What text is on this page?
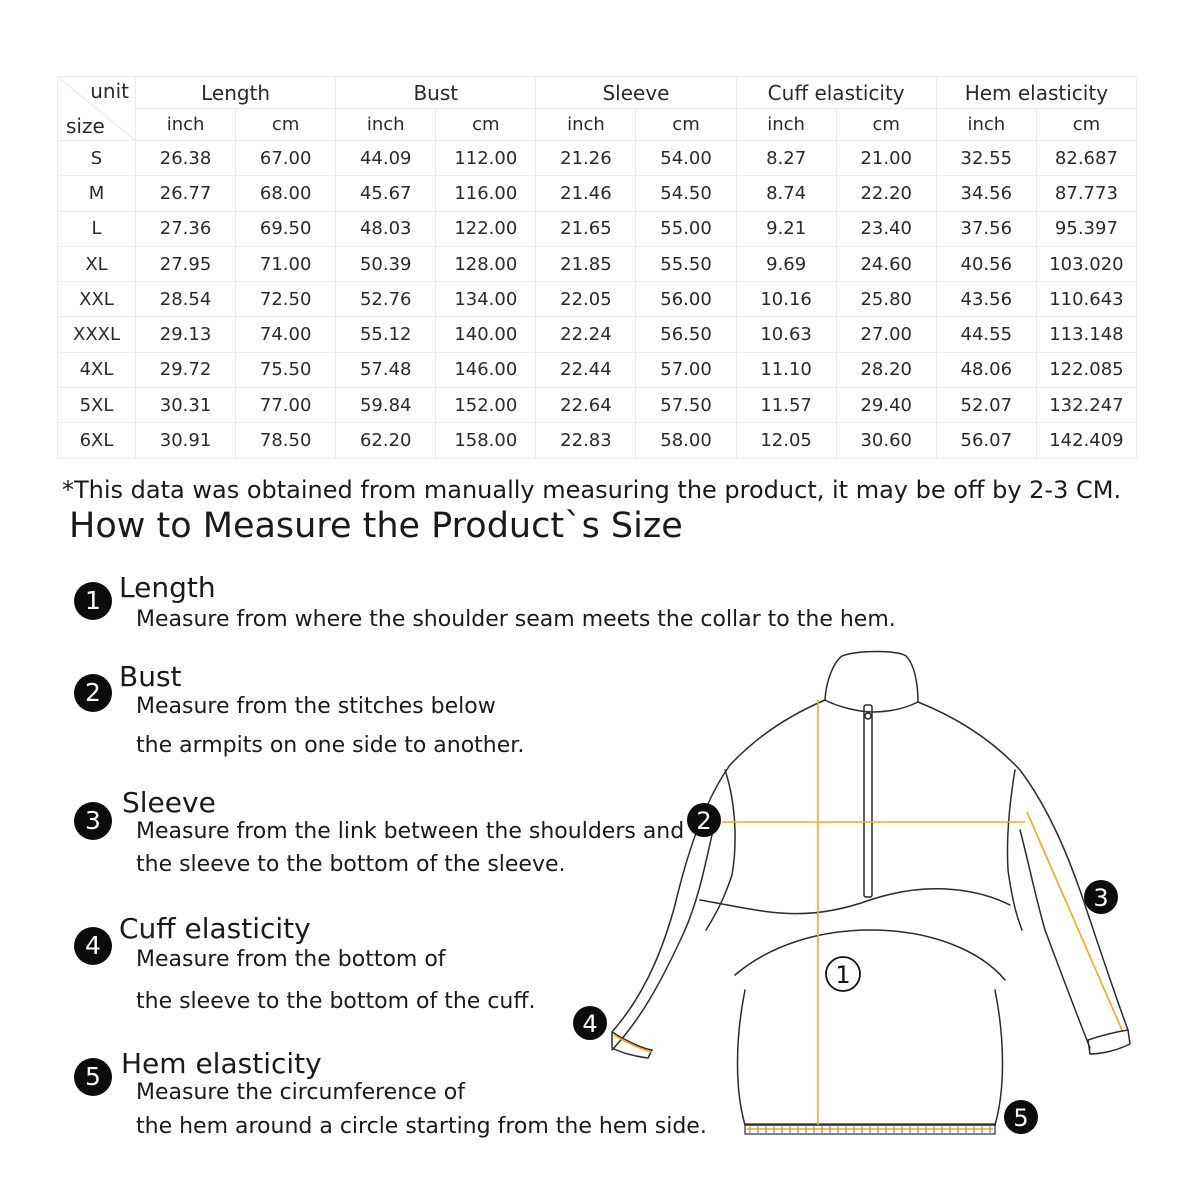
unit
size	Length		Bust		Sleeve		Cuff elasticity		Hem elasticity	
	inch	cm	inch	cm	inch	cm	inch	cm	inch	cm
S	26.38	67.00	44.09	112.00	21.26	54.00	8.27	21.00	32.55	82.687
M	26.77	68.00	45.67	116.00	21.46	54.50	8.74	22.20	34.56	87.773
L	27.36	69.50	48.03	122.00	21.65	55.00	9.21	23.40	37.56	95.397
XL	27.95	71.00	50.39	128.00	21.85	55.50	9.69	24.60	40.56	103.020
XXL	28.54	72.50	52.76	134.00	22.05	56.00	10.16	25.80	43.56	110.643
XXXL	29.13	74.00	55.12	140.00	22.24	56.50	10.63	27.00	44.55	113.148
4XL	29.72	75.50	57.48	146.00	22.44	57.00	11.10	28.20	48.06	122.085
5XL	30.31	77.00	59.84	152.00	22.64	57.50	11.57	29.40	52.07	132.247
6XL	30.91	78.50	62.20	158.00	22.83	58.00	12.05	30.60	56.07	142.409
*This data was obtained from manually measuring the product, it may be off by 2-3 CM.
How to Measure the Product`s Size
1 Length
Measure from where the shoulder seam meets the collar to the hem.
2 Bust
Measure from the stitches below
the armpits on one side to another.
3
Sleeve
Measure from the link between the shoulders and
the sleeve to the bottom of the sleeve.
4
Cuff elasticity
Measure from the bottom of
the sleeve to the bottom of the cuff.
5 Hem elasticity
Measure the circumference of
the hem around a circle starting from the hem side.
1
2
3
4
5
